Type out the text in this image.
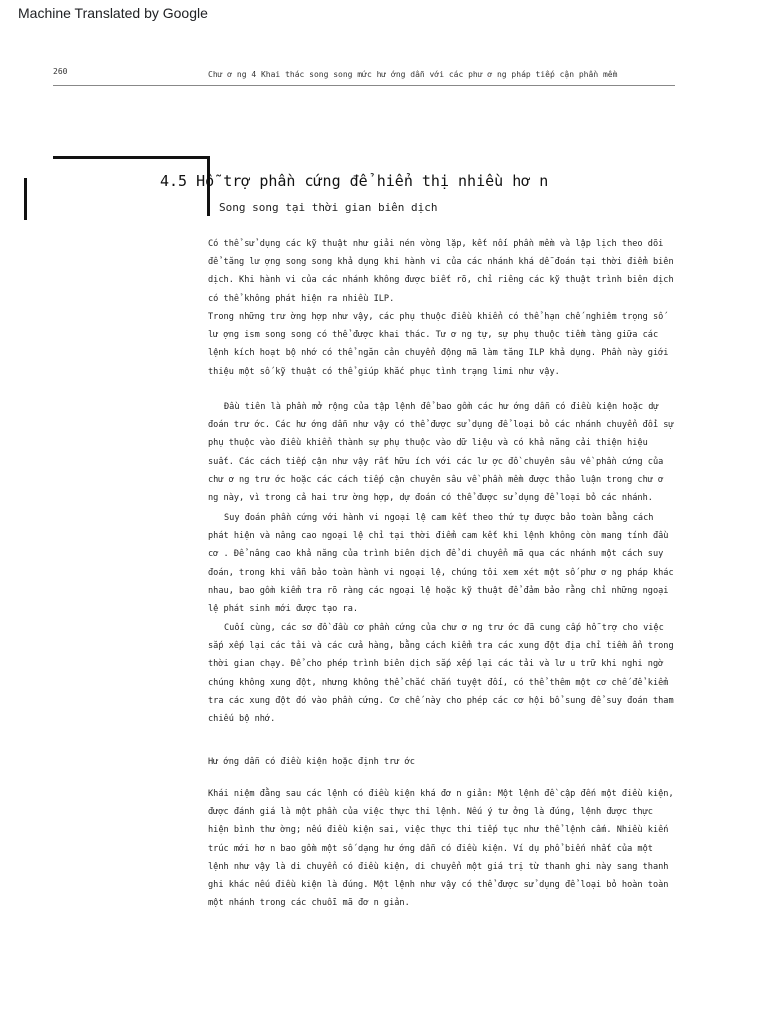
Machine Translated by Google
260	Chư ơ ng 4 Khai thác song song mức hư ớng dẫn với các phư ơ ng pháp tiếp cận phần mềm
4.5 Hỗ trợ phần cứng để hiển thị nhiều hơ n
Song song tại thời gian biên dịch

Có thể sử dụng các kỹ thuật như giải nén vòng lặp, kết nối phần mềm và lập lịch theo dõi để tăng lư ợng song song khả dụng khi hành vi của các nhánh khá dễ đoán tại thời điểm biên dịch. Khi hành vi của các nhánh không được biết rõ, chỉ riêng các kỹ thuật trình biên dịch có thể không phát hiện ra nhiều ILP.

Trong những trư ờng hợp như vậy, các phụ thuộc điều khiển có thể hạn chế nghiêm trọng số lư ợng ism song song có thể được khai thác. Tư ơ ng tự, sự phụ thuộc tiềm tàng giữa các lệnh kích hoạt bộ nhớ có thể ngăn cản chuyển động mã làm tăng ILP khả dụng. Phần này giới thiệu một số kỹ thuật có thể giúp khắc phục tình trạng limi như vậy.

Đầu tiên là phần mở rộng của tập lệnh để bao gồm các hư ớng dẫn có điều kiện hoặc dự đoán trư ớc. Các hư ớng dẫn như vậy có thể được sử dụng để loại bỏ các nhánh chuyển đổi sự phụ thuộc vào điều khiển thành sự phụ thuộc vào dữ liệu và có khả năng cải thiện hiệu suất. Các cách tiếp cận như vậy rất hữu ích với các lư ợc đồ chuyên sâu về phần cứng của chư ơ ng trư ớc hoặc các cách tiếp cận chuyên sâu về phần mềm được thảo luận trong chư ơ ng này, vì trong cả hai trư ờng hợp, dự đoán có thể được sử dụng để loại bỏ các nhánh.

Suy đoán phần cứng với hành vi ngoại lệ cam kết theo thứ tự được bảo toàn bằng cách phát hiện và nâng cao ngoại lệ chỉ tại thời điểm cam kết khi lệnh không còn mang tính đầu cơ . Để nâng cao khả năng của trình biên dịch để di chuyển mã qua các nhánh một cách suy đoán, trong khi vẫn bảo toàn hành vi ngoại lệ, chúng tôi xem xét một số phư ơ ng pháp khác nhau, bao gồm kiểm tra rõ ràng các ngoại lệ hoặc kỹ thuật để đảm bảo rằng chỉ những ngoại lệ phát sinh mới được tạo ra.

Cuối cùng, các sơ đồ đầu cơ phần cứng của chư ơ ng trư ớc đã cung cấp hỗ trợ cho việc sắp xếp lại các tải và các cửa hàng, bằng cách kiểm tra các xung đột địa chỉ tiềm ẩn trong thời gian chạy. Để cho phép trình biên dịch sắp xếp lại các tải và lư u trữ khi nghi ngờ chúng không xung đột, nhưng không thể chắc chắn tuyệt đối, có thể thêm một cơ chế để kiểm tra các xung đột đó vào phần cứng. Cơ chế này cho phép các cơ hội bổ sung để suy đoán tham chiếu bộ nhớ.

Hư ớng dẫn có điều kiện hoặc định trư ớc

Khái niệm đằng sau các lệnh có điều kiện khá đơ n giản: Một lệnh đề cập đến một điều kiện, được đánh giá là một phần của việc thực thi lệnh. Nếu ý tư ởng là đúng, lệnh được thực hiện bình thư ờng; nếu điều kiện sai, việc thực thi tiếp tục như thể lệnh cấm. Nhiều kiến trúc mới hơ n bao gồm một số dạng hư ớng dẫn có điều kiện. Ví dụ phổ biến nhất của một lệnh như vậy là di chuyển có điều kiện, di chuyển một giá trị từ thanh ghi này sang thanh ghi khác nếu điều kiện là đúng. Một lệnh như vậy có thể được sử dụng để loại bỏ hoàn toàn một nhánh trong các chuỗi mã đơ n giản.
